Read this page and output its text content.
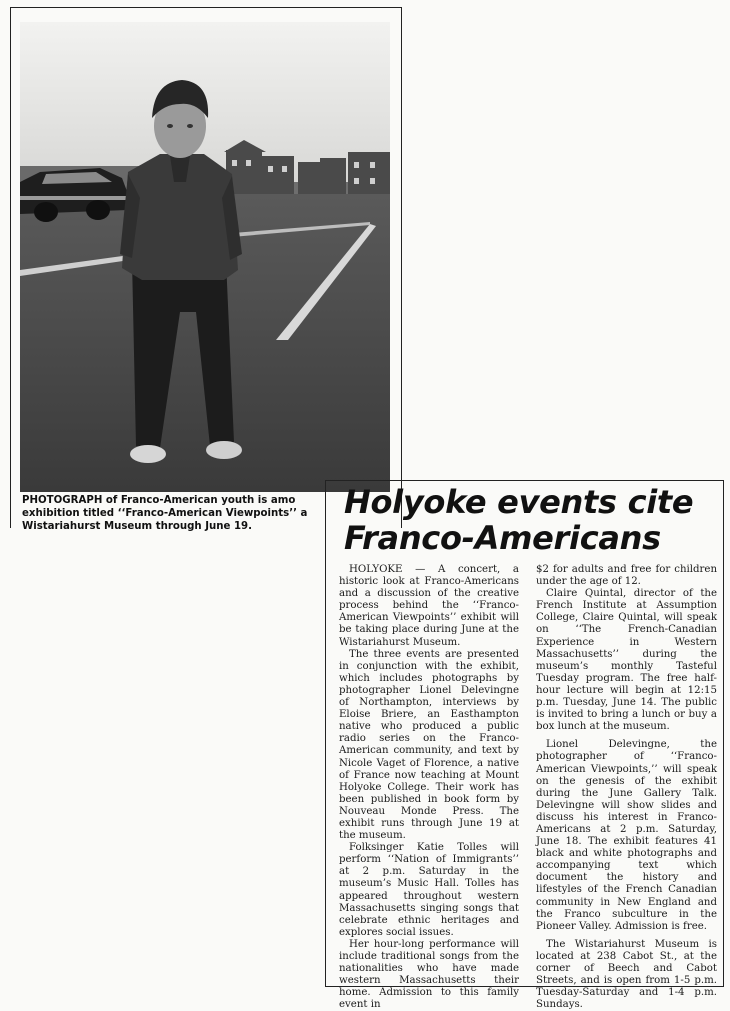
PHOTOGRAPH of Franco-American youth is amo
exhibition titled ‘‘Franco-American Viewpoints’’ a
Wistariahurst Museum through June 19.
Holyoke events cite
Franco-Americans

HOLYOKE — A concert, a historic look at Franco-Americans and a discussion of the creative process behind the ‘‘Franco-American Viewpoints’’ exhibit will be taking place during June at the Wistariahurst Museum.

The three events are presented in conjunction with the exhibit, which includes photographs by photographer Lionel Delevingne of Northampton, interviews by Eloise Briere, an Easthampton native who produced a public radio series on the Franco-American community, and text by Nicole Vaget of Florence, a native of France now teaching at Mount Holyoke College. Their work has been published in book form by Nouveau Monde Press. The exhibit runs through June 19 at the museum.

Folksinger Katie Tolles will perform ‘‘Nation of Immigrants’’ at 2 p.m. Saturday in the museum’s Music Hall. Tolles has appeared throughout western Massachusetts singing songs that celebrate ethnic heritages and explores social issues.

Her hour-long performance will include traditional songs from the nationalities who have made western Massachusetts their home. Admission to this family event in

$2 for adults and free for children under the age of 12.

Claire Quintal, director of the French Institute at Assumption College, Claire Quintal, will speak on ‘‘The French-Canadian Experience in Western Massachusetts’’ during the museum’s monthly Tasteful Tuesday program. The free half-hour lecture will begin at 12:15 p.m. Tuesday, June 14. The public is invited to bring a lunch or buy a box lunch at the museum.

Lionel Delevingne, the photographer of ‘‘Franco-American Viewpoints,’’ will speak on the genesis of the exhibit during the June Gallery Talk. Delevingne will show slides and discuss his interest in Franco-Americans at 2 p.m. Saturday, June 18. The exhibit features 41 black and white photographs and accompanying text which document the history and lifestyles of the French Canadian community in New England and the Franco subculture in the Pioneer Valley. Admission is free.

The Wistariahurst Museum is located at 238 Cabot St., at the corner of Beech and Cabot Streets, and is open from 1-5 p.m. Tuesday-Saturday and 1-4 p.m. Sundays.
